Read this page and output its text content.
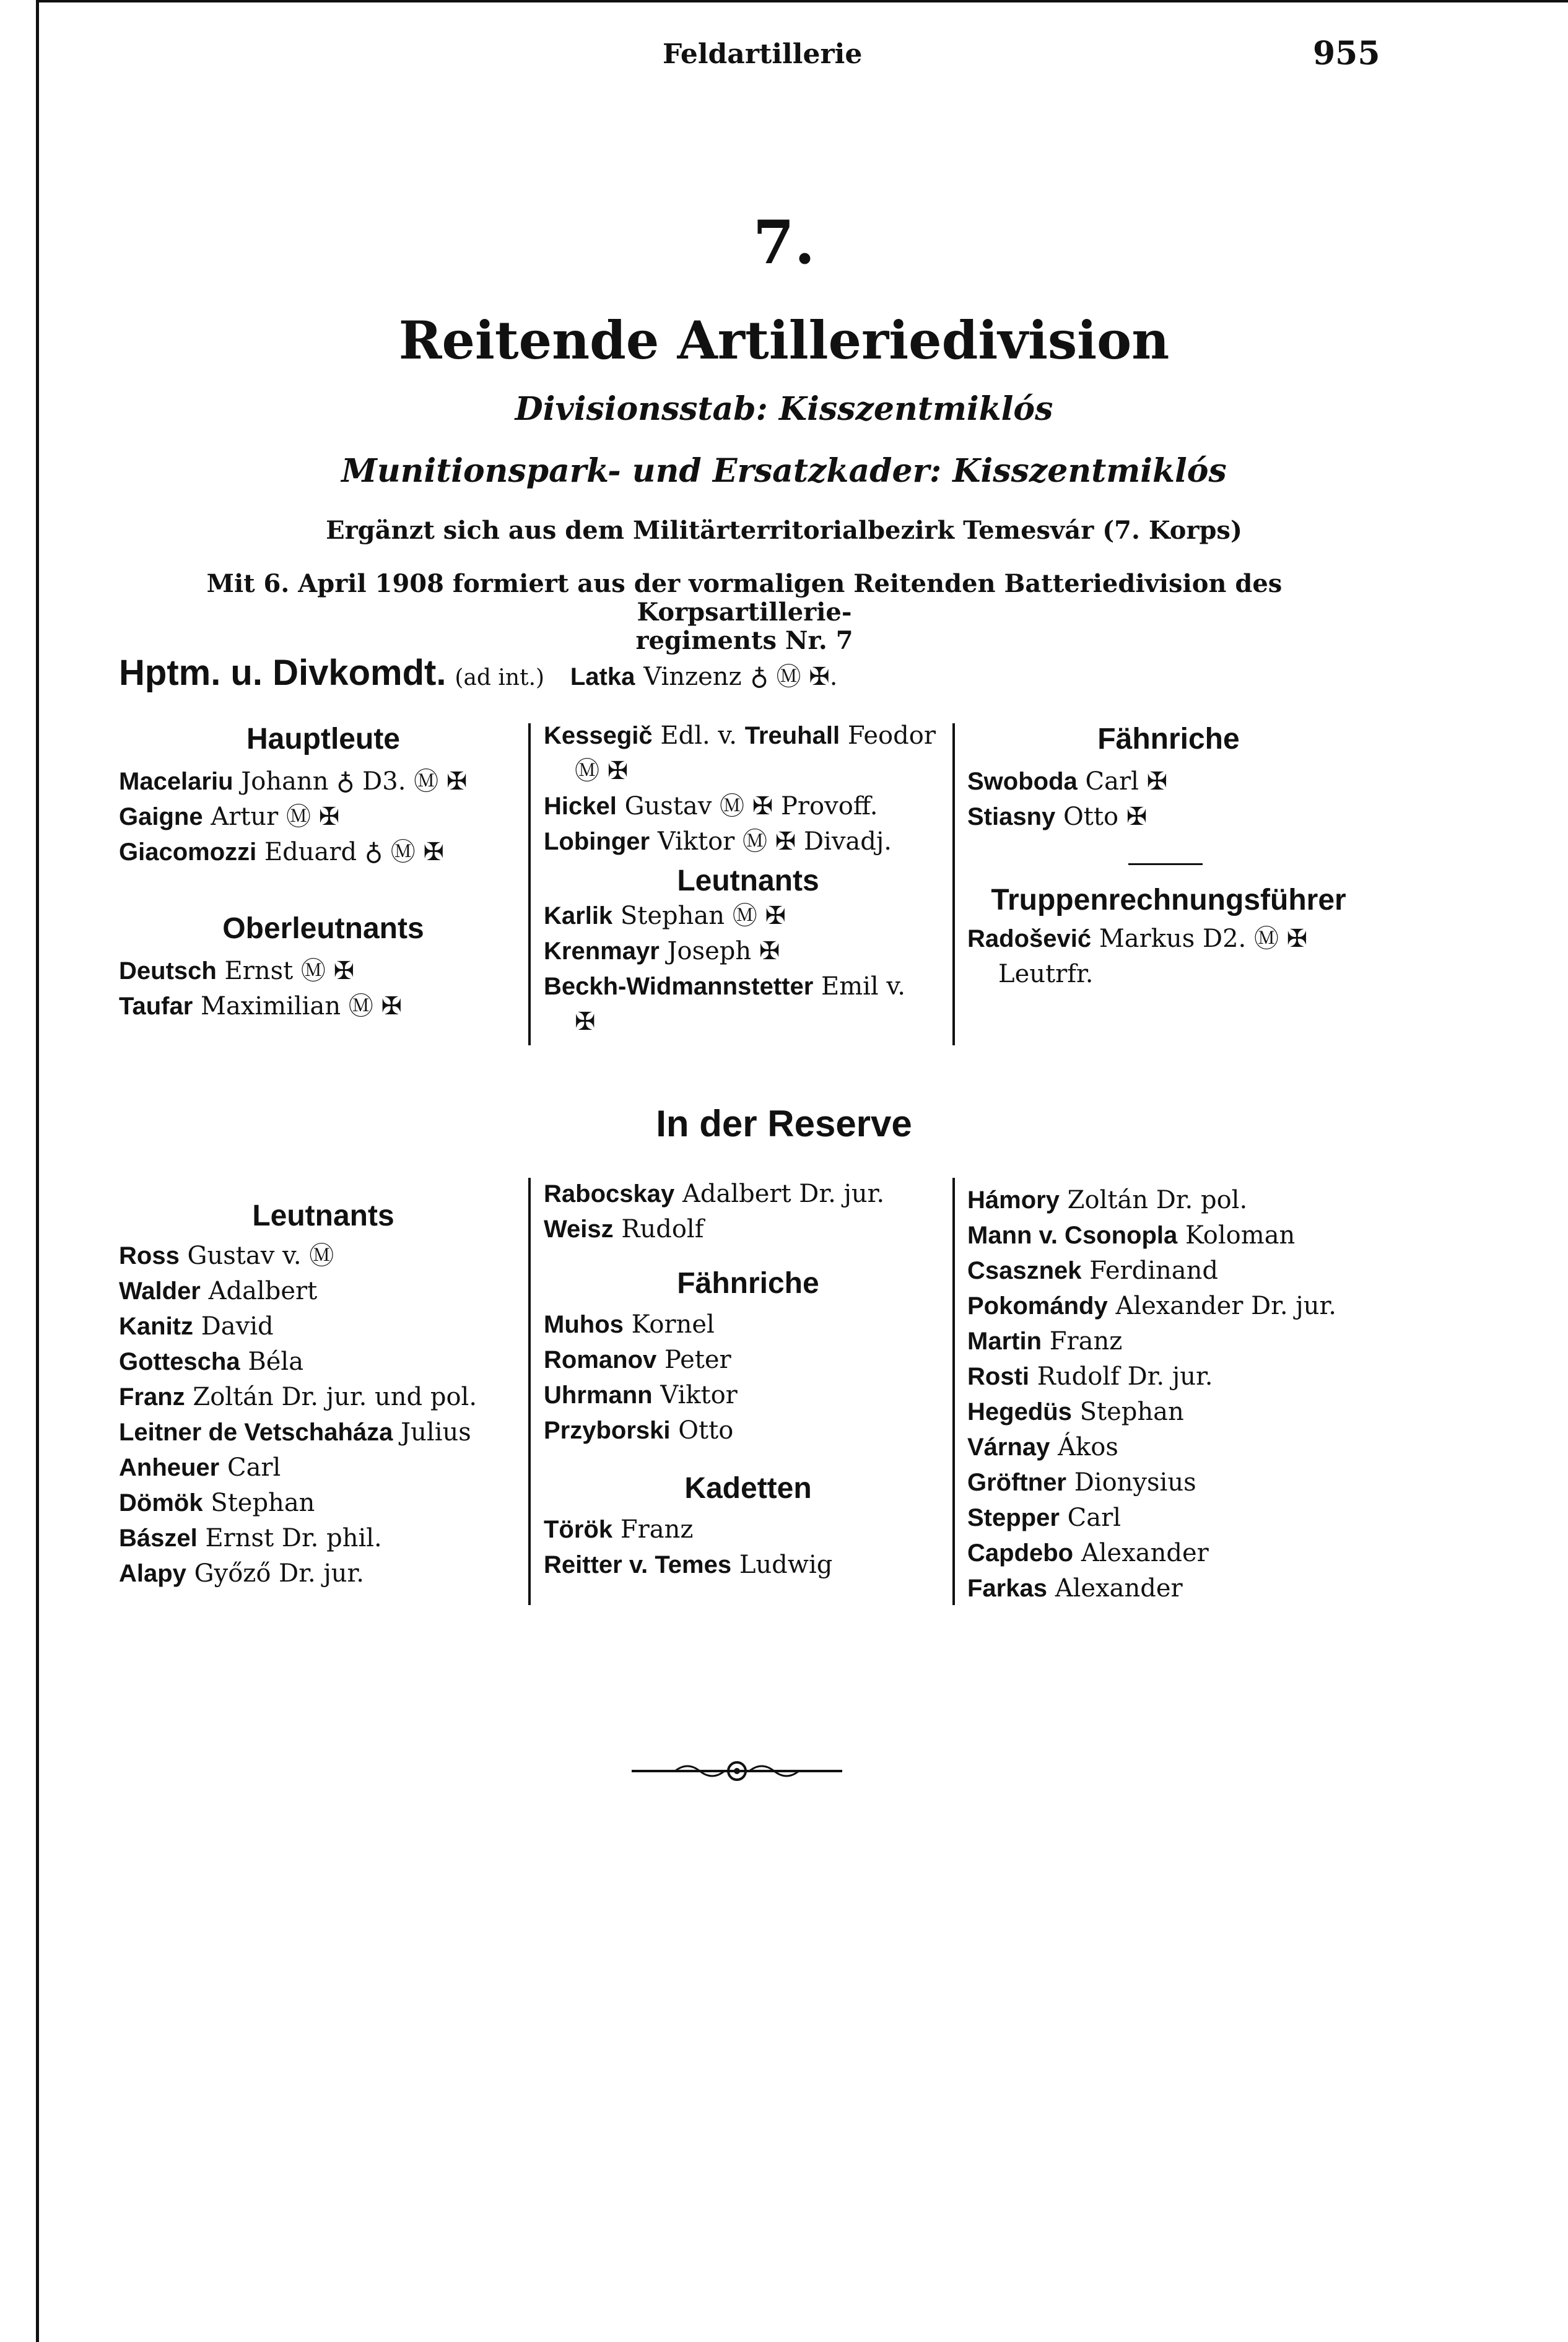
Feldartillerie	955
7.
Reitende Artilleriedivision
Divisionsstab: Kisszentmiklós
Munitionspark- und Ersatzkader: Kisszentmiklós
Ergänzt sich aus dem Militärterritorialbezirk Temesvár (7. Korps)
Mit 6. April 1908 formiert aus der vormaligen Reitenden Batteriedivision des Korpsartillerie-
regiments Nr. 7
Hptm. u. Divkomdt. (ad int.) Latka Vinzenz ♁ Ⓜ ✠.
Hauptleute
Macelariu Johann ♁ D3. Ⓜ ✠
Gaigne Artur Ⓜ ✠
Giacomozzi Eduard ♁ Ⓜ ✠
Oberleutnants
Deutsch Ernst Ⓜ ✠
Taufar Maximilian Ⓜ ✠
Kessegič Edl. v. Treuhall Feodor
Ⓜ ✠
Hickel Gustav Ⓜ ✠ Provoff.
Lobinger Viktor Ⓜ ✠ Divadj.
Leutnants
Karlik Stephan Ⓜ ✠
Krenmayr Joseph ✠
Beckh-Widmannstetter Emil v.
✠
Fähnriche
Swoboda Carl ✠
Stiasny Otto ✠
Truppenrechnungsführer
Radošević Markus D2. Ⓜ ✠
Leutrfr.
In der Reserve
Leutnants
Ross Gustav v. Ⓜ
Walder Adalbert
Kanitz David
Gottescha Béla
Franz Zoltán Dr. jur. und pol.
Leitner de Vetschaháza Julius
Anheuer Carl
Dömök Stephan
Bászel Ernst Dr. phil.
Alapy Győző Dr. jur.
Rabocskay Adalbert Dr. jur.
Weisz Rudolf
Fähnriche
Muhos Kornel
Romanov Peter
Uhrmann Viktor
Przyborski Otto
Kadetten
Török Franz
Reitter v. Temes Ludwig
Hámory Zoltán Dr. pol.
Mann v. Csonopla Koloman
Csasznek Ferdinand
Pokomándy Alexander Dr. jur.
Martin Franz
Rosti Rudolf Dr. jur.
Hegedüs Stephan
Várnay Ákos
Gröftner Dionysius
Stepper Carl
Capdebo Alexander
Farkas Alexander
